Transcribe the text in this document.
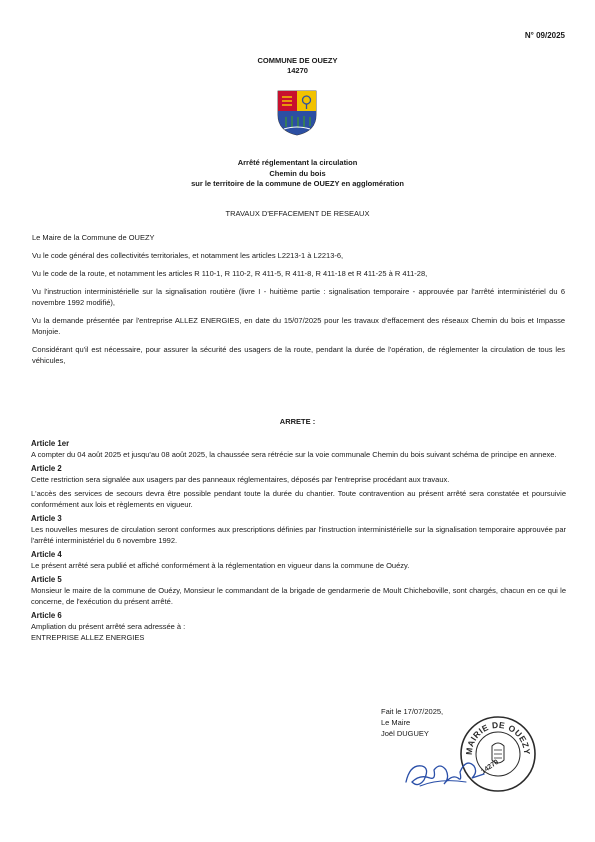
N° 09/2025
COMMUNE DE OUEZY
14270
Arrêté réglementant la circulation
Chemin du bois
sur le territoire de la commune de OUEZY en agglomération
TRAVAUX D'EFFACEMENT DE RESEAUX

Le Maire de la Commune de OUEZY

Vu le code général des collectivités territoriales, et notamment les articles L2213-1 à L2213-6,

Vu le code de la route, et notamment les articles R 110-1, R 110-2, R 411-5, R 411-8, R 411-18 et R 411-25 à R 411-28,

Vu l'instruction interministérielle sur la signalisation routière (livre I - huitième partie : signalisation temporaire - approuvée par l'arrêté interministériel du 6 novembre 1992 modifié),

Vu la demande présentée par l'entreprise ALLEZ ENERGIES, en date du 15/07/2025 pour les travaux d'effacement des réseaux Chemin du bois et Impasse Monjoie.

Considérant qu'il est nécessaire, pour assurer la sécurité des usagers de la route, pendant la durée de l'opération, de réglementer la circulation de tous les véhicules,

ARRETE :
Article 1er

A compter du 04 août 2025 et jusqu'au 08 août 2025, la chaussée sera rétrécie sur la voie communale Chemin du bois suivant schéma de principe en annexe.

Article 2

Cette restriction sera signalée aux usagers par des panneaux réglementaires, déposés par l'entreprise procédant aux travaux.

L'accès des services de secours devra être possible pendant toute la durée du chantier. Toute contravention au présent arrêté sera constatée et poursuivie conformément aux lois et règlements en vigueur.

Article 3

Les nouvelles mesures de circulation seront conformes aux prescriptions définies par l'instruction interministérielle sur la signalisation temporaire approuvée par l'arrêté interministériel du 6 novembre 1992.

Article 4

Le présent arrêté sera publié et affiché conformément à la réglementation en vigueur dans la commune de Ouézy.

Article 5

Monsieur le maire de la commune de Ouézy, Monsieur le commandant de la brigade de gendarmerie de Moult Chicheboville, sont chargés, chacun en ce qui le concerne, de l'exécution du présent arrêté.

Article 6

Ampliation du présent arrêté sera adressée à :

ENTREPRISE ALLEZ ENERGIES

Fait le 17/07/2025,
Le Maire
Joël DUGUEY
MAIRIE DE OUEZY
14270
